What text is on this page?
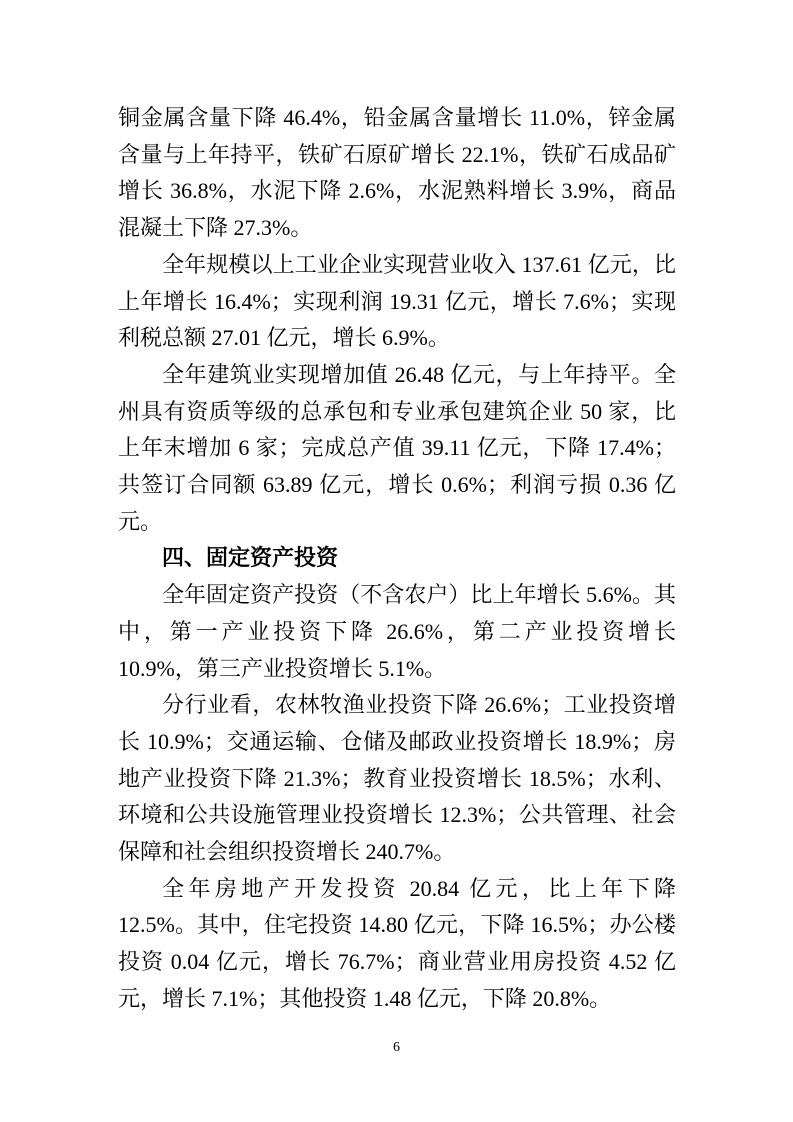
铜金属含量下降 46.4%，铅金属含量增长 11.0%，锌金属含量与上年持平，铁矿石原矿增长 22.1%，铁矿石成品矿增长 36.8%，水泥下降 2.6%，水泥熟料增长 3.9%，商品混凝土下降 27.3%。

全年规模以上工业企业实现营业收入 137.61 亿元，比上年增长 16.4%；实现利润 19.31 亿元，增长 7.6%；实现利税总额 27.01 亿元，增长 6.9%。

全年建筑业实现增加值 26.48 亿元，与上年持平。全州具有资质等级的总承包和专业承包建筑企业 50 家，比上年末增加 6 家；完成总产值 39.11 亿元，下降 17.4%；共签订合同额 63.89 亿元，增长 0.6%；利润亏损 0.36 亿元。

四、固定资产投资

全年固定资产投资（不含农户）比上年增长 5.6%。其中，第一产业投资下降 26.6%，第二产业投资增长 10.9%，第三产业投资增长 5.1%。

分行业看，农林牧渔业投资下降 26.6%；工业投资增长 10.9%；交通运输、仓储及邮政业投资增长 18.9%；房地产业投资下降 21.3%；教育业投资增长 18.5%；水利、环境和公共设施管理业投资增长 12.3%；公共管理、社会保障和社会组织投资增长 240.7%。

全年房地产开发投资 20.84 亿元，比上年下降 12.5%。其中，住宅投资 14.80 亿元，下降 16.5%；办公楼投资 0.04 亿元，增长 76.7%；商业营业用房投资 4.52 亿元，增长 7.1%；其他投资 1.48 亿元，下降 20.8%。

6
